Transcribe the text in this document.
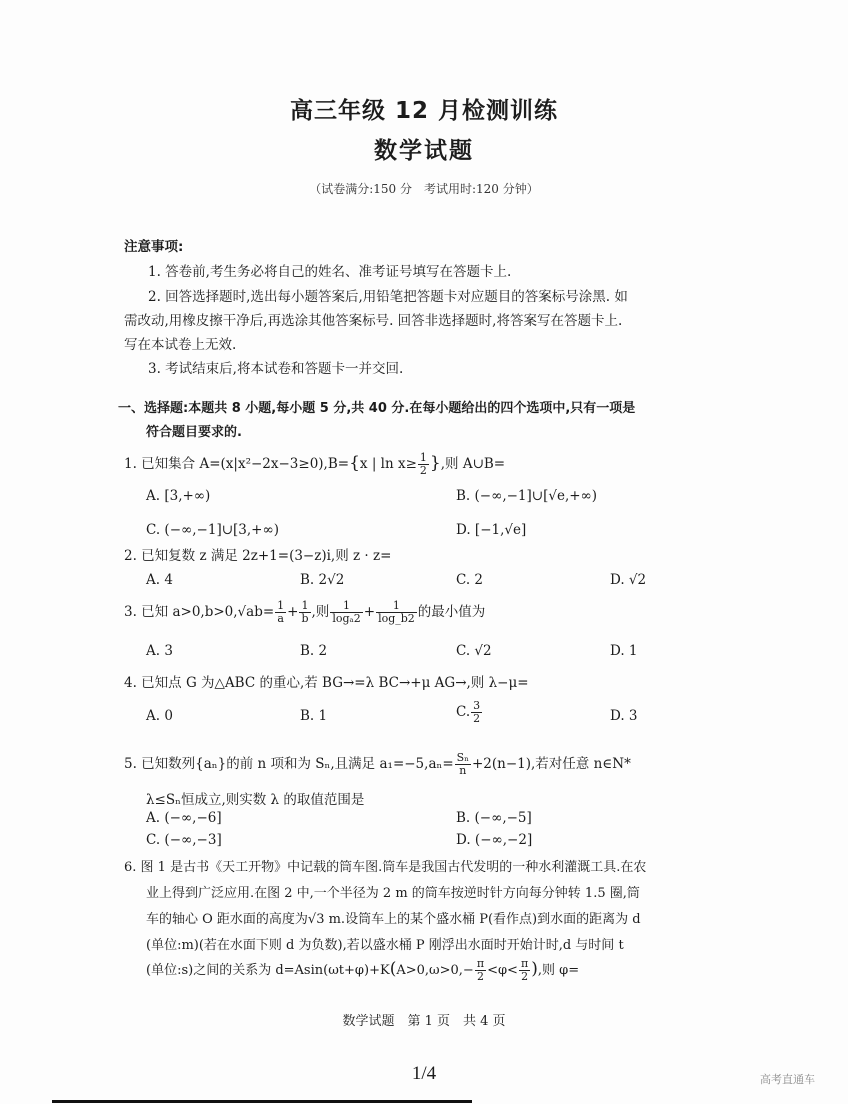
高三年级 12 月检测训练
数学试题
（试卷满分:150 分　考试用时:120 分钟）
注意事项:
1. 答卷前,考生务必将自己的姓名、准考证号填写在答题卡上.
2. 回答选择题时,选出每小题答案后,用铅笔把答题卡对应题目的答案标号涂黑. 如
需改动,用橡皮擦干净后,再选涂其他答案标号. 回答非选择题时,将答案写在答题卡上.
写在本试卷上无效.
3. 考试结束后,将本试卷和答题卡一并交回.
一、选择题:本题共 8 小题,每小题 5 分,共 40 分.在每小题给出的四个选项中,只有一项是
符合题目要求的.
1. 已知集合 A=(x|x²−2x−3≥0),B={x | $\ln x\ge \frac{1}{2}$ },则 A∪B=
A. [3,+∞)	B. (−∞,−1]∪[√e,+∞)
C. (−∞,−1]∪[3,+∞)	D. [−1,√e]
2. 已知复数 z 满足 2z+1=(3−z)i,则 z · z=
A. 4	B. 2√2	C. 2	D. √2
3. 已知 $a>0,b>0,√ab= \frac{1}{a} + \frac{1}{b}$ ,则 $\frac{1}{\text{logₐ2}} + \frac{1}{\log\_b2}$ 的最小值为
A. 3	B. 2	C. √2	D. 1
4. 已知点 G 为△ABC 的重心,若 BG→=λ BC→+μ AG→,则 λ−μ=
A. 0	B. 1	C. $\frac{3}{2}$	D. 3
5. 已知数列{aₙ}的前 n 项和为 Sₙ,且满足 $a_1=-5,a_n= \frac{\text{Sₙ}}{n} +2(n-1)$,若对任意 n∈N*
λ≤Sₙ恒成立,则实数 λ 的取值范围是
A. (−∞,−6]	B. (−∞,−5]
C. (−∞,−3]	D. (−∞,−2]
6. 图 1 是古书《天工开物》中记载的筒车图.筒车是我国古代发明的一种水利灌溉工具.在农
业上得到广泛应用.在图 2 中,一个半径为 2 m 的筒车按逆时针方向每分钟转 1.5 圈,筒
车的轴心 O 距水面的高度为√3 m.设筒车上的某个盛水桶 P(看作点)到水面的距离为 d
(单位:m)(若在水面下则 d 为负数),若以盛水桶 P 刚浮出水面时开始计时,d 与时间 t
(单位:s)之间的关系为 $d=Asin(\omega t+\varphi)+K(A>0,\omega>0,- \frac{\pi}{2} <\varphi< \frac{\pi}{2}$ ),则 φ=
数学试题　第 1 页　共 4 页
1/4	高考直通车
